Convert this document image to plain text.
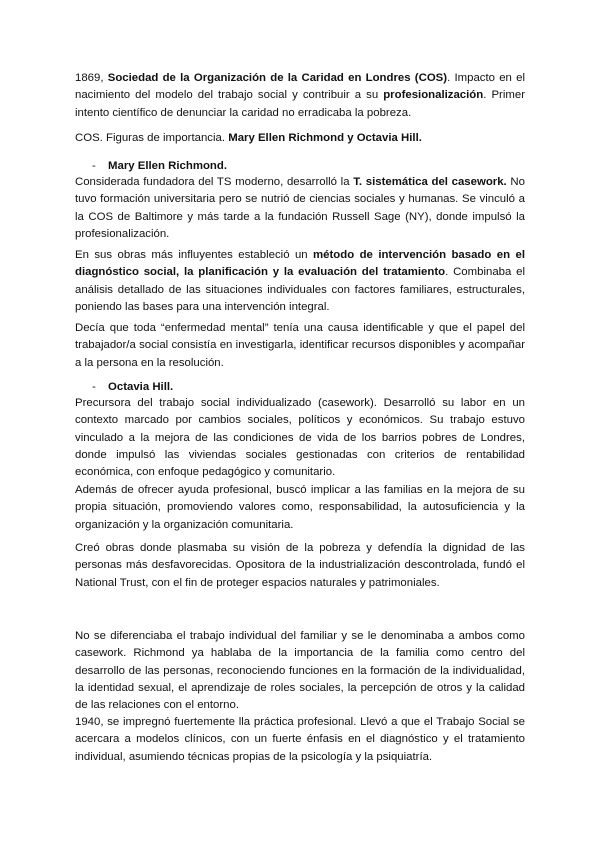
1869, Sociedad de la Organización de la Caridad en Londres (COS). Impacto en el nacimiento del modelo del trabajo social y contribuir a su profesionalización. Primer intento científico de denunciar la caridad no erradicaba la pobreza.

COS. Figuras de importancia. Mary Ellen Richmond y Octavia Hill.

- Mary Ellen Richmond.

Considerada fundadora del TS moderno, desarrolló la T. sistemática del casework. No tuvo formación universitaria pero se nutrió de ciencias sociales y humanas. Se vinculó a la COS de Baltimore y más tarde a la fundación Russell Sage (NY), donde impulsó la profesionalización.

En sus obras más influyentes estableció un método de intervención basado en el diagnóstico social, la planificación y la evaluación del tratamiento. Combinaba el análisis detallado de las situaciones individuales con factores familiares, estructurales, poniendo las bases para una intervención integral.

Decía que toda “enfermedad mental” tenía una causa identificable y que el papel del trabajador/a social consistía en investigarla, identificar recursos disponibles y acompañar a la persona en la resolución.

- Octavia Hill.

Precursora del trabajo social individualizado (casework). Desarrolló su labor en un contexto marcado por cambios sociales, políticos y económicos. Su trabajo estuvo vinculado a la mejora de las condiciones de vida de los barrios pobres de Londres, donde impulsó las viviendas sociales gestionadas con criterios de rentabilidad económica, con enfoque pedagógico y comunitario.

Además de ofrecer ayuda profesional, buscó implicar a las familias en la mejora de su propia situación, promoviendo valores como, responsabilidad, la autosuficiencia y la organización y la organización comunitaria.

Creó obras donde plasmaba su visión de la pobreza y defendía la dignidad de las personas más desfavorecidas. Opositora de la industrialización descontrolada, fundó el National Trust, con el fin de proteger espacios naturales y patrimoniales.

No se diferenciaba el trabajo individual del familiar y se le denominaba a ambos como casework. Richmond ya hablaba de la importancia de la familia como centro del desarrollo de las personas, reconociendo funciones en la formación de la individualidad, la identidad sexual, el aprendizaje de roles sociales, la percepción de otros y la calidad de las relaciones con el entorno.

1940, se impregnó fuertemente lla práctica profesional. Llevó a que el Trabajo Social se acercara a modelos clínicos, con un fuerte énfasis en el diagnóstico y el tratamiento individual, asumiendo técnicas propias de la psicología y la psiquiatría.
